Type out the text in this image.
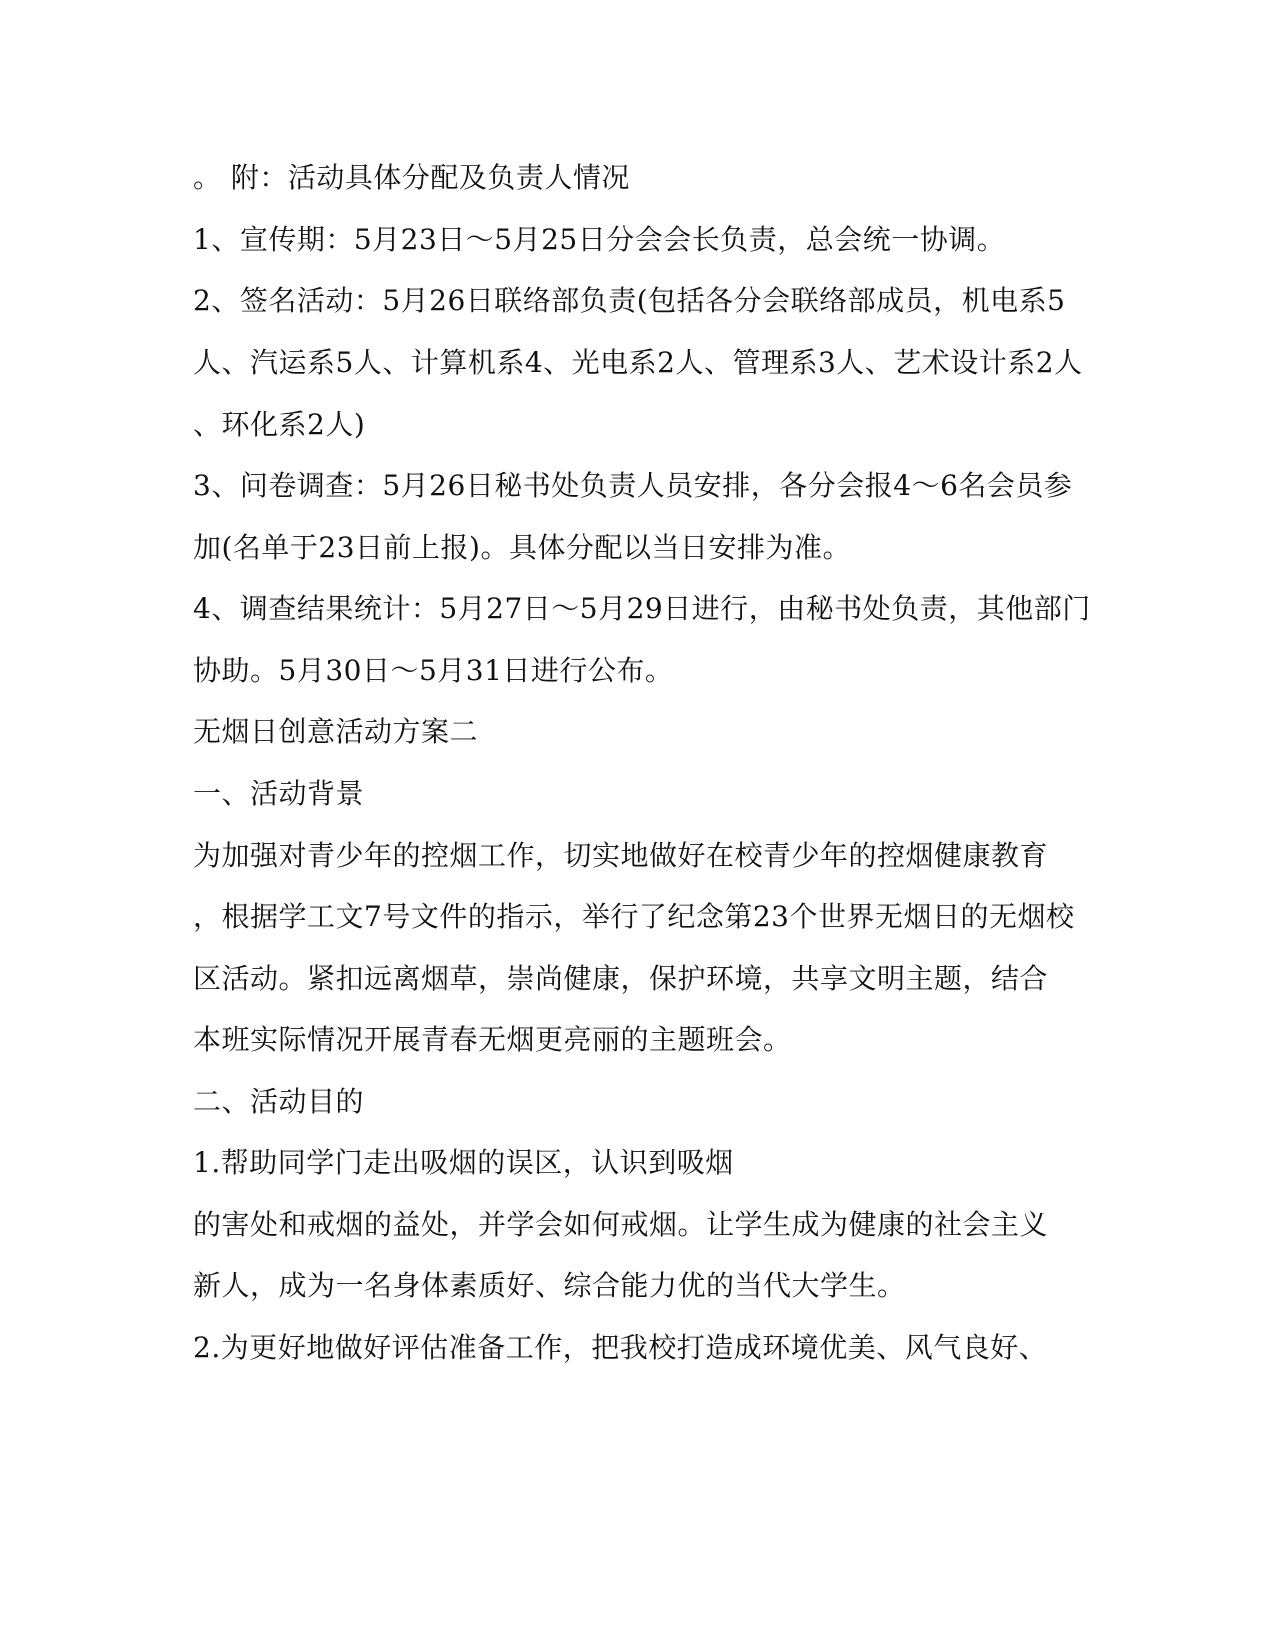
。 附：活动具体分配及负责人情况
1、宣传期：5月23日～5月25日分会会长负责，总会统一协调。
2、签名活动：5月26日联络部负责(包括各分会联络部成员，机电系5
人、汽运系5人、计算机系4、光电系2人、管理系3人、艺术设计系2人
、环化系2人)
3、问卷调查：5月26日秘书处负责人员安排，各分会报4～6名会员参
加(名单于23日前上报)。具体分配以当日安排为准。
4、调查结果统计：5月27日～5月29日进行，由秘书处负责，其他部门
协助。5月30日～5月31日进行公布。
无烟日创意活动方案二
一、活动背景
为加强对青少年的控烟工作，切实地做好在校青少年的控烟健康教育
，根据学工文7号文件的指示，举行了纪念第23个世界无烟日的无烟校
区活动。紧扣远离烟草，崇尚健康，保护环境，共享文明主题，结合
本班实际情况开展青春无烟更亮丽的主题班会。
二、活动目的
1.帮助同学门走出吸烟的误区，认识到吸烟
的害处和戒烟的益处，并学会如何戒烟。让学生成为健康的社会主义
新人，成为一名身体素质好、综合能力优的当代大学生。
2.为更好地做好评估准备工作，把我校打造成环境优美、风气良好、
